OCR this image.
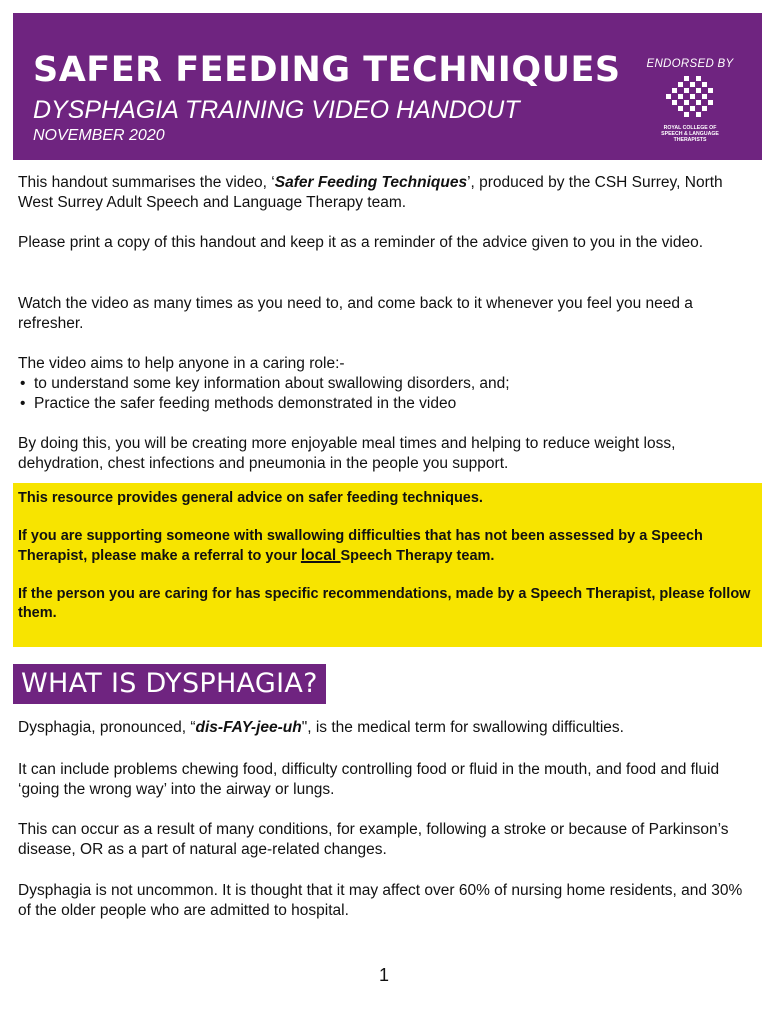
SAFER FEEDING TECHNIQUES
DYSPHAGIA TRAINING VIDEO HANDOUT
NOVEMBER 2020
ENDORSED BY
ROYAL COLLEGE OF
SPEECH & LANGUAGE
THERAPISTS

This handout summarises the video, ‘Safer Feeding Techniques’, produced by the CSH Surrey, North West Surrey Adult Speech and Language Therapy team.

Please print a copy of this handout and keep it as a reminder of the advice given to you in the video.

Watch the video as many times as you need to, and come back to it whenever you feel you need a refresher.

The video aims to help anyone in a caring role:-

• to understand some key information about swallowing disorders, and;
• Practice the safer feeding methods demonstrated in the video

By doing this, you will be creating more enjoyable meal times and helping to reduce weight loss, dehydration, chest infections and pneumonia in the people you support.

This resource provides general advice on safer feeding techniques.

If you are supporting someone with swallowing difficulties that has not been assessed by a Speech Therapist, please make a referral to your local Speech Therapy team.

If the person you are caring for has specific recommendations, made by a Speech Therapist, please follow them.

WHAT IS DYSPHAGIA?

Dysphagia, pronounced, “dis-FAY-jee-uh", is the medical term for swallowing difficulties.

It can include problems chewing food, difficulty controlling food or fluid in the mouth, and food and fluid ‘going the wrong way’ into the airway or lungs.

This can occur as a result of many conditions, for example, following a stroke or because of Parkinson’s disease, OR as a part of natural age-related changes.

Dysphagia is not uncommon. It is thought that it may affect over 60% of nursing home residents, and 30% of the older people who are admitted to hospital.

1
